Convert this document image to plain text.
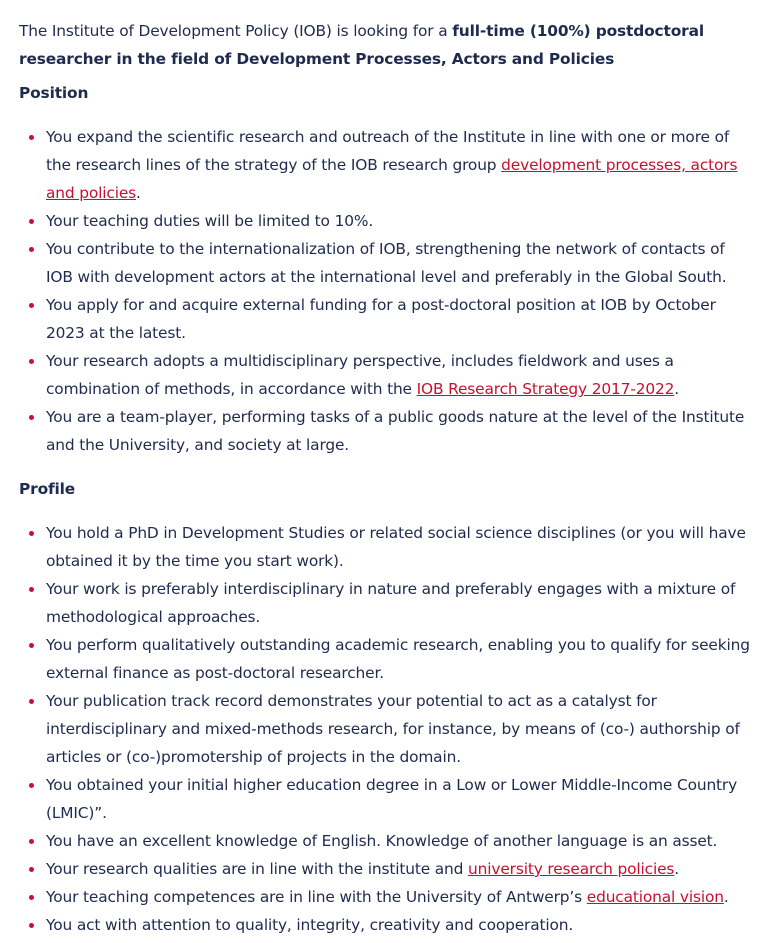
The Institute of Development Policy (IOB) is looking for a full-time (100%) postdoctoral researcher in the field of Development Processes, Actors and Policies

Position
You expand the scientific research and outreach of the Institute in line with one or more of the research lines of the strategy of the IOB research group development processes, actors and policies.
Your teaching duties will be limited to 10%.
You contribute to the internationalization of IOB, strengthening the network of contacts of IOB with development actors at the international level and preferably in the Global South.
You apply for and acquire external funding for a post-doctoral position at IOB by October 2023 at the latest.
Your research adopts a multidisciplinary perspective, includes fieldwork and uses a combination of methods, in accordance with the IOB Research Strategy 2017-2022.
You are a team-player, performing tasks of a public goods nature at the level of the Institute and the University, and society at large.
Profile
You hold a PhD in Development Studies or related social science disciplines (or you will have obtained it by the time you start work).
Your work is preferably interdisciplinary in nature and preferably engages with a mixture of methodological approaches.
You perform qualitatively outstanding academic research, enabling you to qualify for seeking external finance as post-doctoral researcher.
Your publication track record demonstrates your potential to act as a catalyst for interdisciplinary and mixed-methods research, for instance, by means of (co-) authorship of articles or (co-)promotership of projects in the domain.
You obtained your initial higher education degree in a Low or Lower Middle-Income Country (LMIC)”.
You have an excellent knowledge of English. Knowledge of another language is an asset.
Your research qualities are in line with the institute and university research policies.
Your teaching competences are in line with the University of Antwerp’s educational vision.
You act with attention to quality, integrity, creativity and cooperation.
